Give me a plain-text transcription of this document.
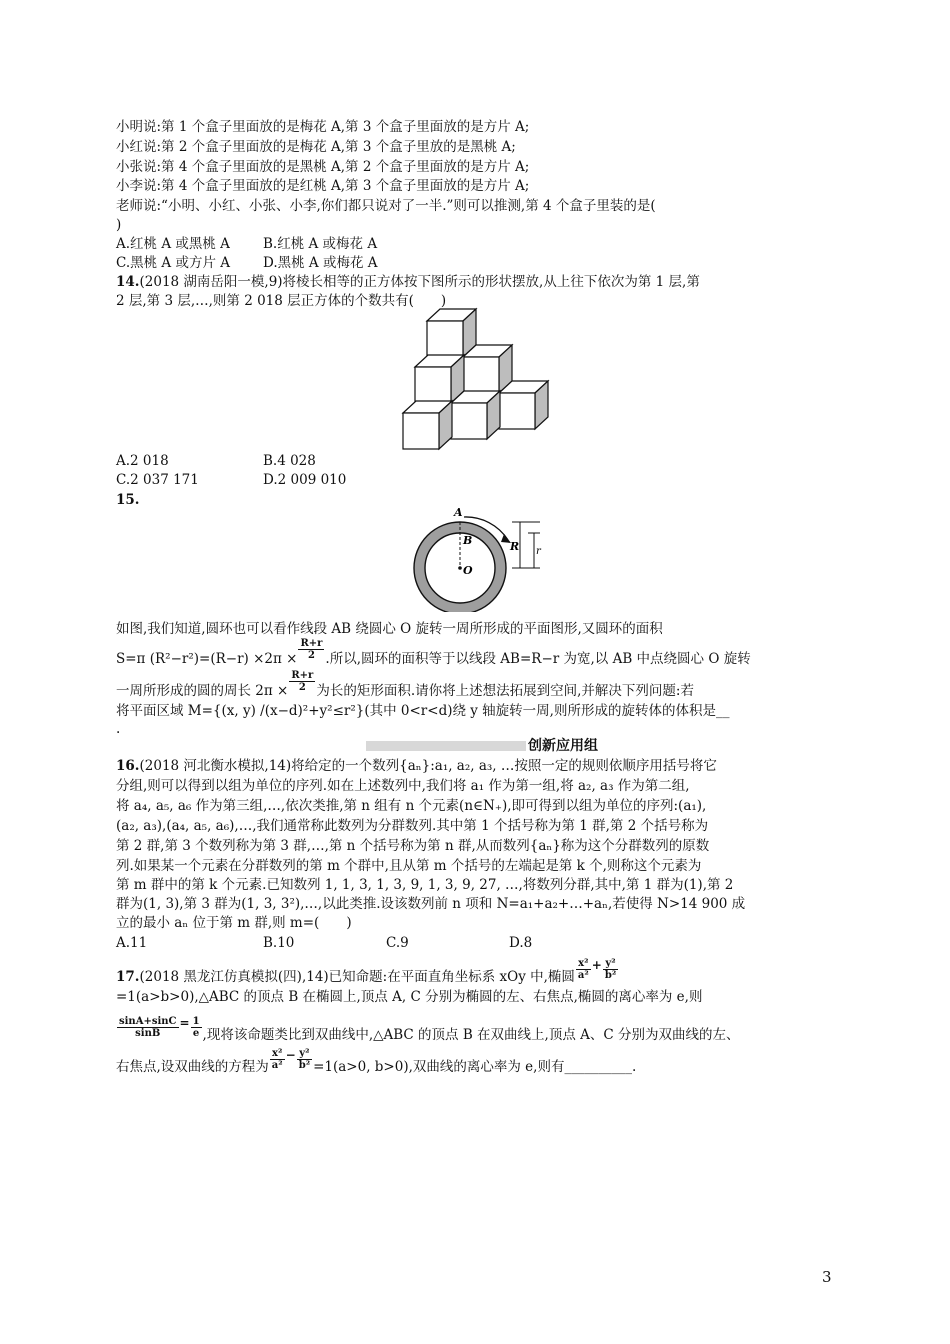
小明说:第 1 个盒子里面放的是梅花 A,第 3 个盒子里面放的是方片 A;
小红说:第 2 个盒子里面放的是梅花 A,第 3 个盒子里放的是黑桃 A;
小张说:第 4 个盒子里面放的是黑桃 A,第 2 个盒子里面放的是方片 A;
小李说:第 4 个盒子里面放的是红桃 A,第 3 个盒子里面放的是方片 A;
老师说:“小明、小红、小张、小李,你们都只说对了一半.”则可以推测,第 4 个盒子里装的是(
)
A.红桃 A 或黑桃 A B.红桃 A 或梅花 A
C.黑桃 A 或方片 A D.黑桃 A 或梅花 A
14.(2018 湖南岳阳一模,9)将棱长相等的正方体按下图所示的形状摆放,从上往下依次为第 1 层,第
2 层,第 3 层,…,则第 2 018 层正方体的个数共有(　　)
A.2 018	B.4 028
C.2 037 171	D.2 009 010
15.
A
B
O
R r
如图,我们知道,圆环也可以看作线段 AB 绕圆心 O 旋转一周所形成的平面图形,又圆环的面积
S=π $(R^2-r^2)=(R-r) \times 2\pi \times \frac{R+r}{2}$ .所以,圆环的面积等于以线段 AB=R−r 为宽,以 AB 中点绕圆心 O 旋转
一周所形成的圆的周长 $2\pi \times \frac{R+r}{2}$ 为长的矩形面积.请你将上述想法拓展到空间,并解决下列问题:若
将平面区域 M={(x, y) /(x−d)²+y²≤r²}(其中 0<r<d)绕 y 轴旋转一周,则所形成的旋转体的体积是__
.
创新应用组
16.(2018 河北衡水模拟,14)将给定的一个数列{aₙ}:a₁, a₂, a₃, …按照一定的规则依顺序用括号将它
分组,则可以得到以组为单位的序列.如在上述数列中,我们将 a₁ 作为第一组,将 a₂, a₃ 作为第二组,
将 a₄, a₅, a₆ 作为第三组,…,依次类推,第 n 组有 n 个元素(n∈N₊),即可得到以组为单位的序列:(a₁),
(a₂, a₃),(a₄, a₅, a₆),…,我们通常称此数列为分群数列.其中第 1 个括号称为第 1 群,第 2 个括号称为
第 2 群,第 3 个数列称为第 3 群,…,第 n 个括号称为第 n 群,从而数列{aₙ}称为这个分群数列的原数
列.如果某一个元素在分群数列的第 m 个群中,且从第 m 个括号的左端起是第 k 个,则称这个元素为
第 m 群中的第 k 个元素.已知数列 1, 1, 3, 1, 3, 9, 1, 3, 9, 27, …,将数列分群,其中,第 1 群为(1),第 2
群为(1, 3),第 3 群为(1, 3, 3²),…,以此类推.设该数列前 n 项和 N=a₁+a₂+…+aₙ,若使得 N>14 900 成
立的最小 aₙ 位于第 m 群,则 m=(　　)
A.11	B.10	C.9	D.8
17.(2018 黑龙江仿真模拟(四),14)已知命题:在平面直角坐标系 xOy 中,椭圆 $^{\frac{\text{x²}}{\text{a²}} + \frac{\text{y²}}{\text{b²}}}$
=1(a>b>0),△ABC 的顶点 B 在椭圆上,顶点 A, C 分别为椭圆的左、右焦点,椭圆的离心率为 e,则
$^{\frac{\sin A+\sin C}{\sin B} = \frac{1}{e}}$ ,现将该命题类比到双曲线中,△ABC 的顶点 B 在双曲线上,顶点 A、C 分别为双曲线的左、
右焦点,设双曲线的方程为 $^{\frac{\text{x²}}{\text{a²}} - \frac{\text{y²}}{\text{b²}}}$ =1(a>0, b>0),双曲线的离心率为 e,则有__________.
3
